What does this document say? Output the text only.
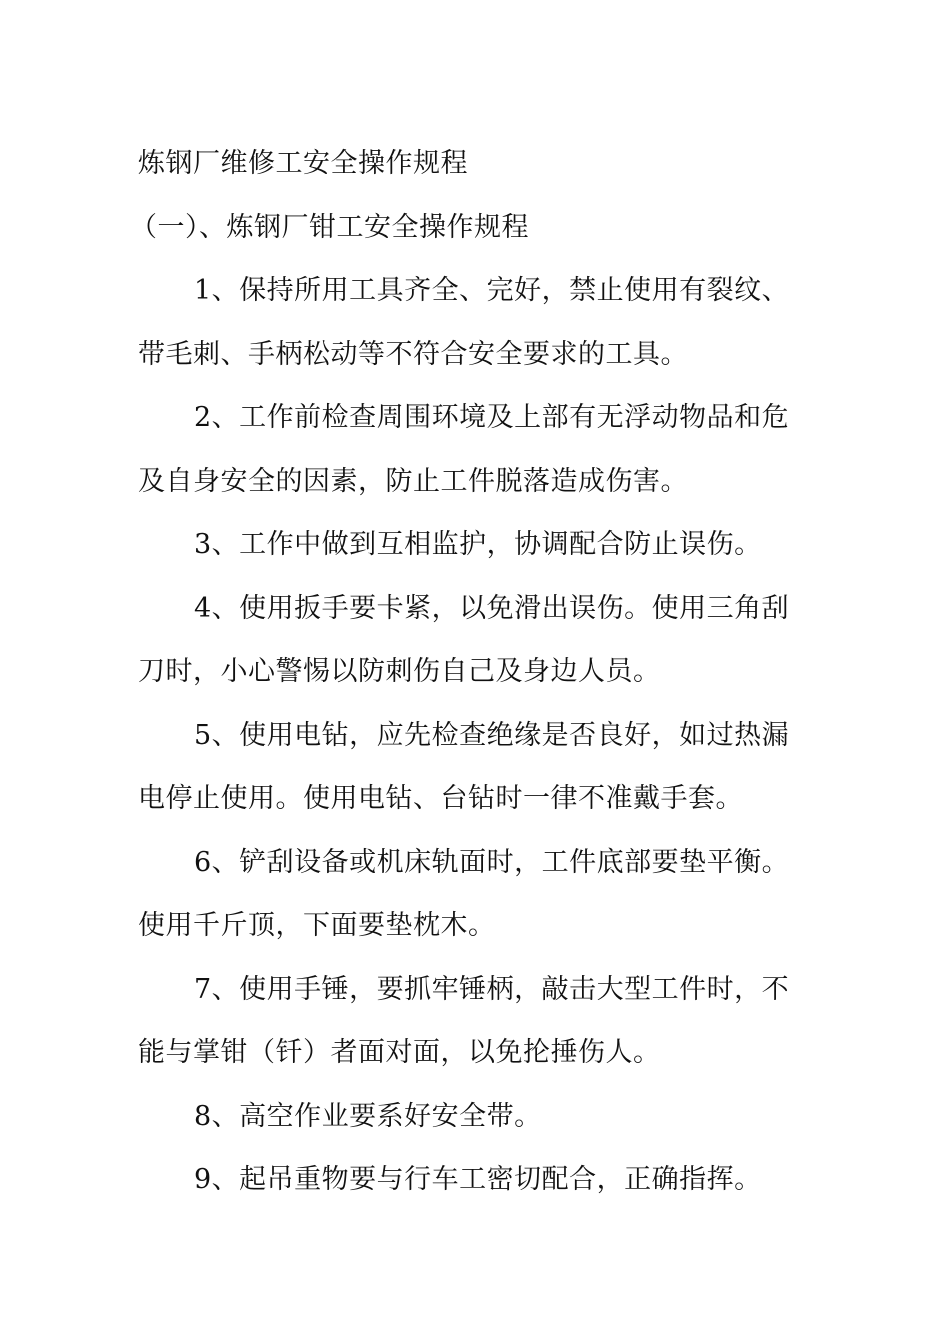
炼钢厂维修工安全操作规程
（一）、炼钢厂钳工安全操作规程
1、保持所用工具齐全、完好，禁止使用有裂纹、
带毛刺、手柄松动等不符合安全要求的工具。
2、工作前检查周围环境及上部有无浮动物品和危
及自身安全的因素，防止工件脱落造成伤害。
3、工作中做到互相监护，协调配合防止误伤。
4、使用扳手要卡紧，以免滑出误伤。使用三角刮
刀时，小心警惕以防刺伤自己及身边人员。
5、使用电钻，应先检查绝缘是否良好，如过热漏
电停止使用。使用电钻、台钻时一律不准戴手套。
6、铲刮设备或机床轨面时，工件底部要垫平衡。
使用千斤顶，下面要垫枕木。
7、使用手锤，要抓牢锤柄，敲击大型工件时，不
能与掌钳（钎）者面对面，以免抡捶伤人。
8、高空作业要系好安全带。
9、起吊重物要与行车工密切配合，正确指挥。
